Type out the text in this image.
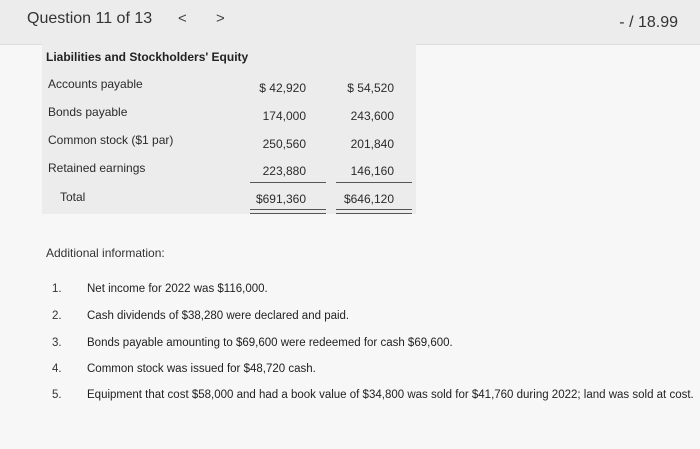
Question 11 of 13 < >	- / 18.99
Liabilities and Stockholders' Equity
Accounts payable	$ 42,920	$ 54,520
Bonds payable	174,000	243,600
Common stock ($1 par)	250,560	201,840
Retained earnings	223,880	146,160
Total	$691,360	$646,120
Additional information:
1. Net income for 2022 was $116,000.
2. Cash dividends of $38,280 were declared and paid.
3. Bonds payable amounting to $69,600 were redeemed for cash $69,600.
4. Common stock was issued for $48,720 cash.
5. Equipment that cost $58,000 and had a book value of $34,800 was sold for $41,760 during 2022; land was sold at cost.
